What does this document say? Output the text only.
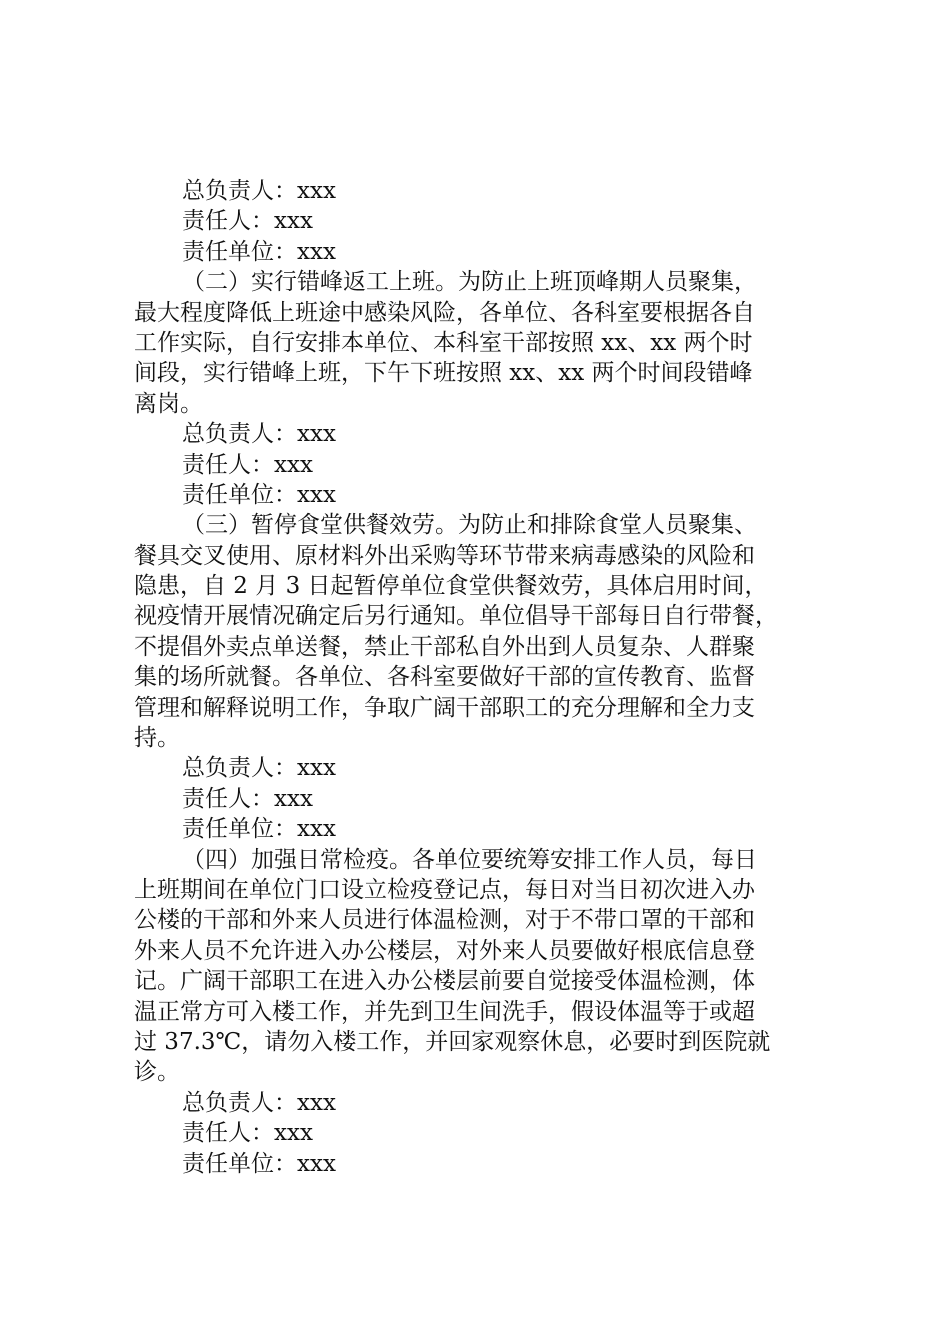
总负责人：xxx
责任人：xxx
责任单位：xxx
（二）实行错峰返工上班。为防止上班顶峰期人员聚集，
最大程度降低上班途中感染风险，各单位、各科室要根据各自
工作实际，自行安排本单位、本科室干部按照 xx、xx 两个时
间段，实行错峰上班，下午下班按照 xx、xx 两个时间段错峰
离岗。
总负责人：xxx
责任人：xxx
责任单位：xxx
（三）暂停食堂供餐效劳。为防止和排除食堂人员聚集、
餐具交叉使用、原材料外出采购等环节带来病毒感染的风险和
隐患，自 2 月 3 日起暂停单位食堂供餐效劳，具体启用时间，
视疫情开展情况确定后另行通知。单位倡导干部每日自行带餐，
不提倡外卖点单送餐，禁止干部私自外出到人员复杂、人群聚
集的场所就餐。各单位、各科室要做好干部的宣传教育、监督
管理和解释说明工作，争取广阔干部职工的充分理解和全力支
持。
总负责人：xxx
责任人：xxx
责任单位：xxx
（四）加强日常检疫。各单位要统筹安排工作人员，每日
上班期间在单位门口设立检疫登记点，每日对当日初次进入办
公楼的干部和外来人员进行体温检测，对于不带口罩的干部和
外来人员不允许进入办公楼层，对外来人员要做好根底信息登
记。广阔干部职工在进入办公楼层前要自觉接受体温检测，体
温正常方可入楼工作，并先到卫生间洗手，假设体温等于或超
过 37.3℃，请勿入楼工作，并回家观察休息，必要时到医院就
诊。
总负责人：xxx
责任人：xxx
责任单位：xxx
